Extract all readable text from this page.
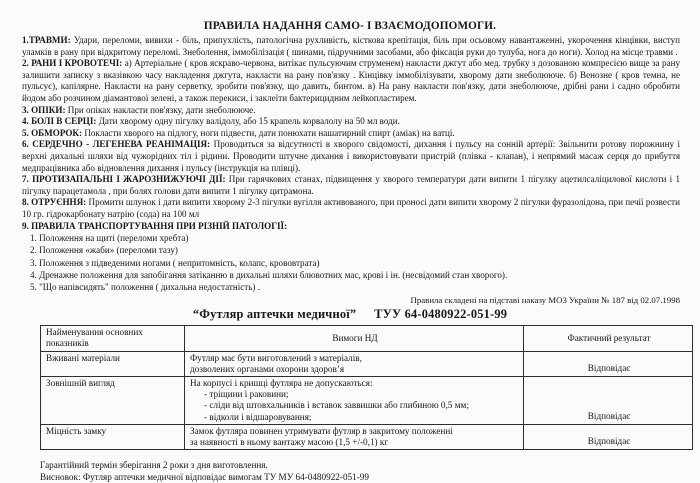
ПРАВИЛА НАДАННЯ САМО- І ВЗАЄМОДОПОМОГИ.

1.ТРАВМИ: Удари, переломи, вивихи - біль, припухлість, патологічна рухливість, кісткова крепітація, біль при осьовому навантаженні, укорочення кінцівки, виступ уламків в рану при відкритому переломі. Знеболення, іммобілізація ( шинами, підручними засобами, або фіксація руки до тулуба, нога до ноги). Холод на місце травми .

2. РАНИ І КРОВОТЕЧІ: а) Артеріальне ( кров яскраво-червона, витікає пульсуючим струменем) накласти джгут або мед. трубку з дозованою компресією вище за рану залишити записку з вказівкою часу накладення джгута, накласти на рану пов'язку . Кінцівку іммобілізувати, хворому дати знеболююче. б) Венозне ( кров темна, не пульсує), капілярне. Накласти на рану серветку, зробити пов'язку, що давить, бинтом. в) На рану накласти пов'язку, дати знеболююче, дрібні рани і садно обробити йодом або розчином діамантової зелені, а також перекиси, і заклеїти бактерицидним лейкопластирем.

3. ОПІКИ: При опіках накласти пов'язку, дати знеболююче.

4. БОЛІ В СЕРЦІ: Дати хворому одну пігулку валідолу, або 15 крапель корвалолу на 50 мл води.

5. ОБМОРОК: Покласти хворого на підлогу, ноги підвести, дати понюхати нашатирний спирт (аміак) на ватці.

6. СЕРДЕЧНО - ЛЕГЕНЕВА РЕАНІМАЦІЯ: Проводиться за відсутності в хворого свідомості, дихання і пульсу на сонній артерії: Звільнити ротову порожнину і верхні дихальні шляхи від чужорідних тіл і рідини. Проводити штучне дихання і використовувати пристрій (плівка - клапан), і непрямий масаж серця до прибуття медпрацівника або відновлення дихання і пульсу (інструкція на плівці).

7. ПРОТИЗАПАЛЬНІ І ЖАРОЗНИЖУЮЧІ ДІЇ: При гарячкових станах, підвищення у хворого температури дати випити 1 пігулку ацетилсаліцилової кислоти і 1 пігулку парацетамола , при болях голови дати випити 1 пігулку цитрамона.

8. ОТРУЄННЯ: Промити шлунок і дати випити хворому 2-3 пігулки вугілля активованого, при проносі дати випити хворому 2 пігулки фуразолідона, при печії розвести 10 гр. гідрокарбонату натрію (сода) на 100 мл

9. ПРАВИЛА ТРАНСПОРТУВАННЯ ПРИ РІЗНІЙ ПАТОЛОГІЇ:

1. Положення на щиті (переломи хребта)
2. Положення «жаби» (переломи тазу)
3. Положення з підведеними ногами ( непритомність, колапс, крововтрата)
4. Дренажне положення для запобігання затіканню в дихальні шляхи блювотних мас, крові і ін. (несвідомий стан хворого).
5. "Що напівсидять" положення ( дихальна недостатність) .

Правила складені на підставі наказу МОЗ України № 187 від 02.07.1998

“Футляр аптечки медичної” ТУУ 64-0480922-051-99
Найменування основних
показників	Вимоги НД	Фактичний результат
Вживані матеріали	Футляр має бути виготовлений з матеріалів,
дозволених органами охорони здоров’я	Відповідає
Зовнішній вигляд	На корпусі і кришці футляра не допускаються:
- тріщини і раковини;
- сліди від штовхальників і вставок заввишки або глибиною 0,5 мм;
- відколи і відшаровування;	Відповідає
Міцність замку	Замок футляра повинен утримувати футляр в закритому положенні
за наявності в ньому вантажу масою (1,5 +/-0,1) кг	Відповідає
Гарантійний термін зберігання 2 роки з дня виготовлення.
Висновок: Футляр аптечки медичної відповідає вимогам ТУ МУ 64-0480922-051-99
